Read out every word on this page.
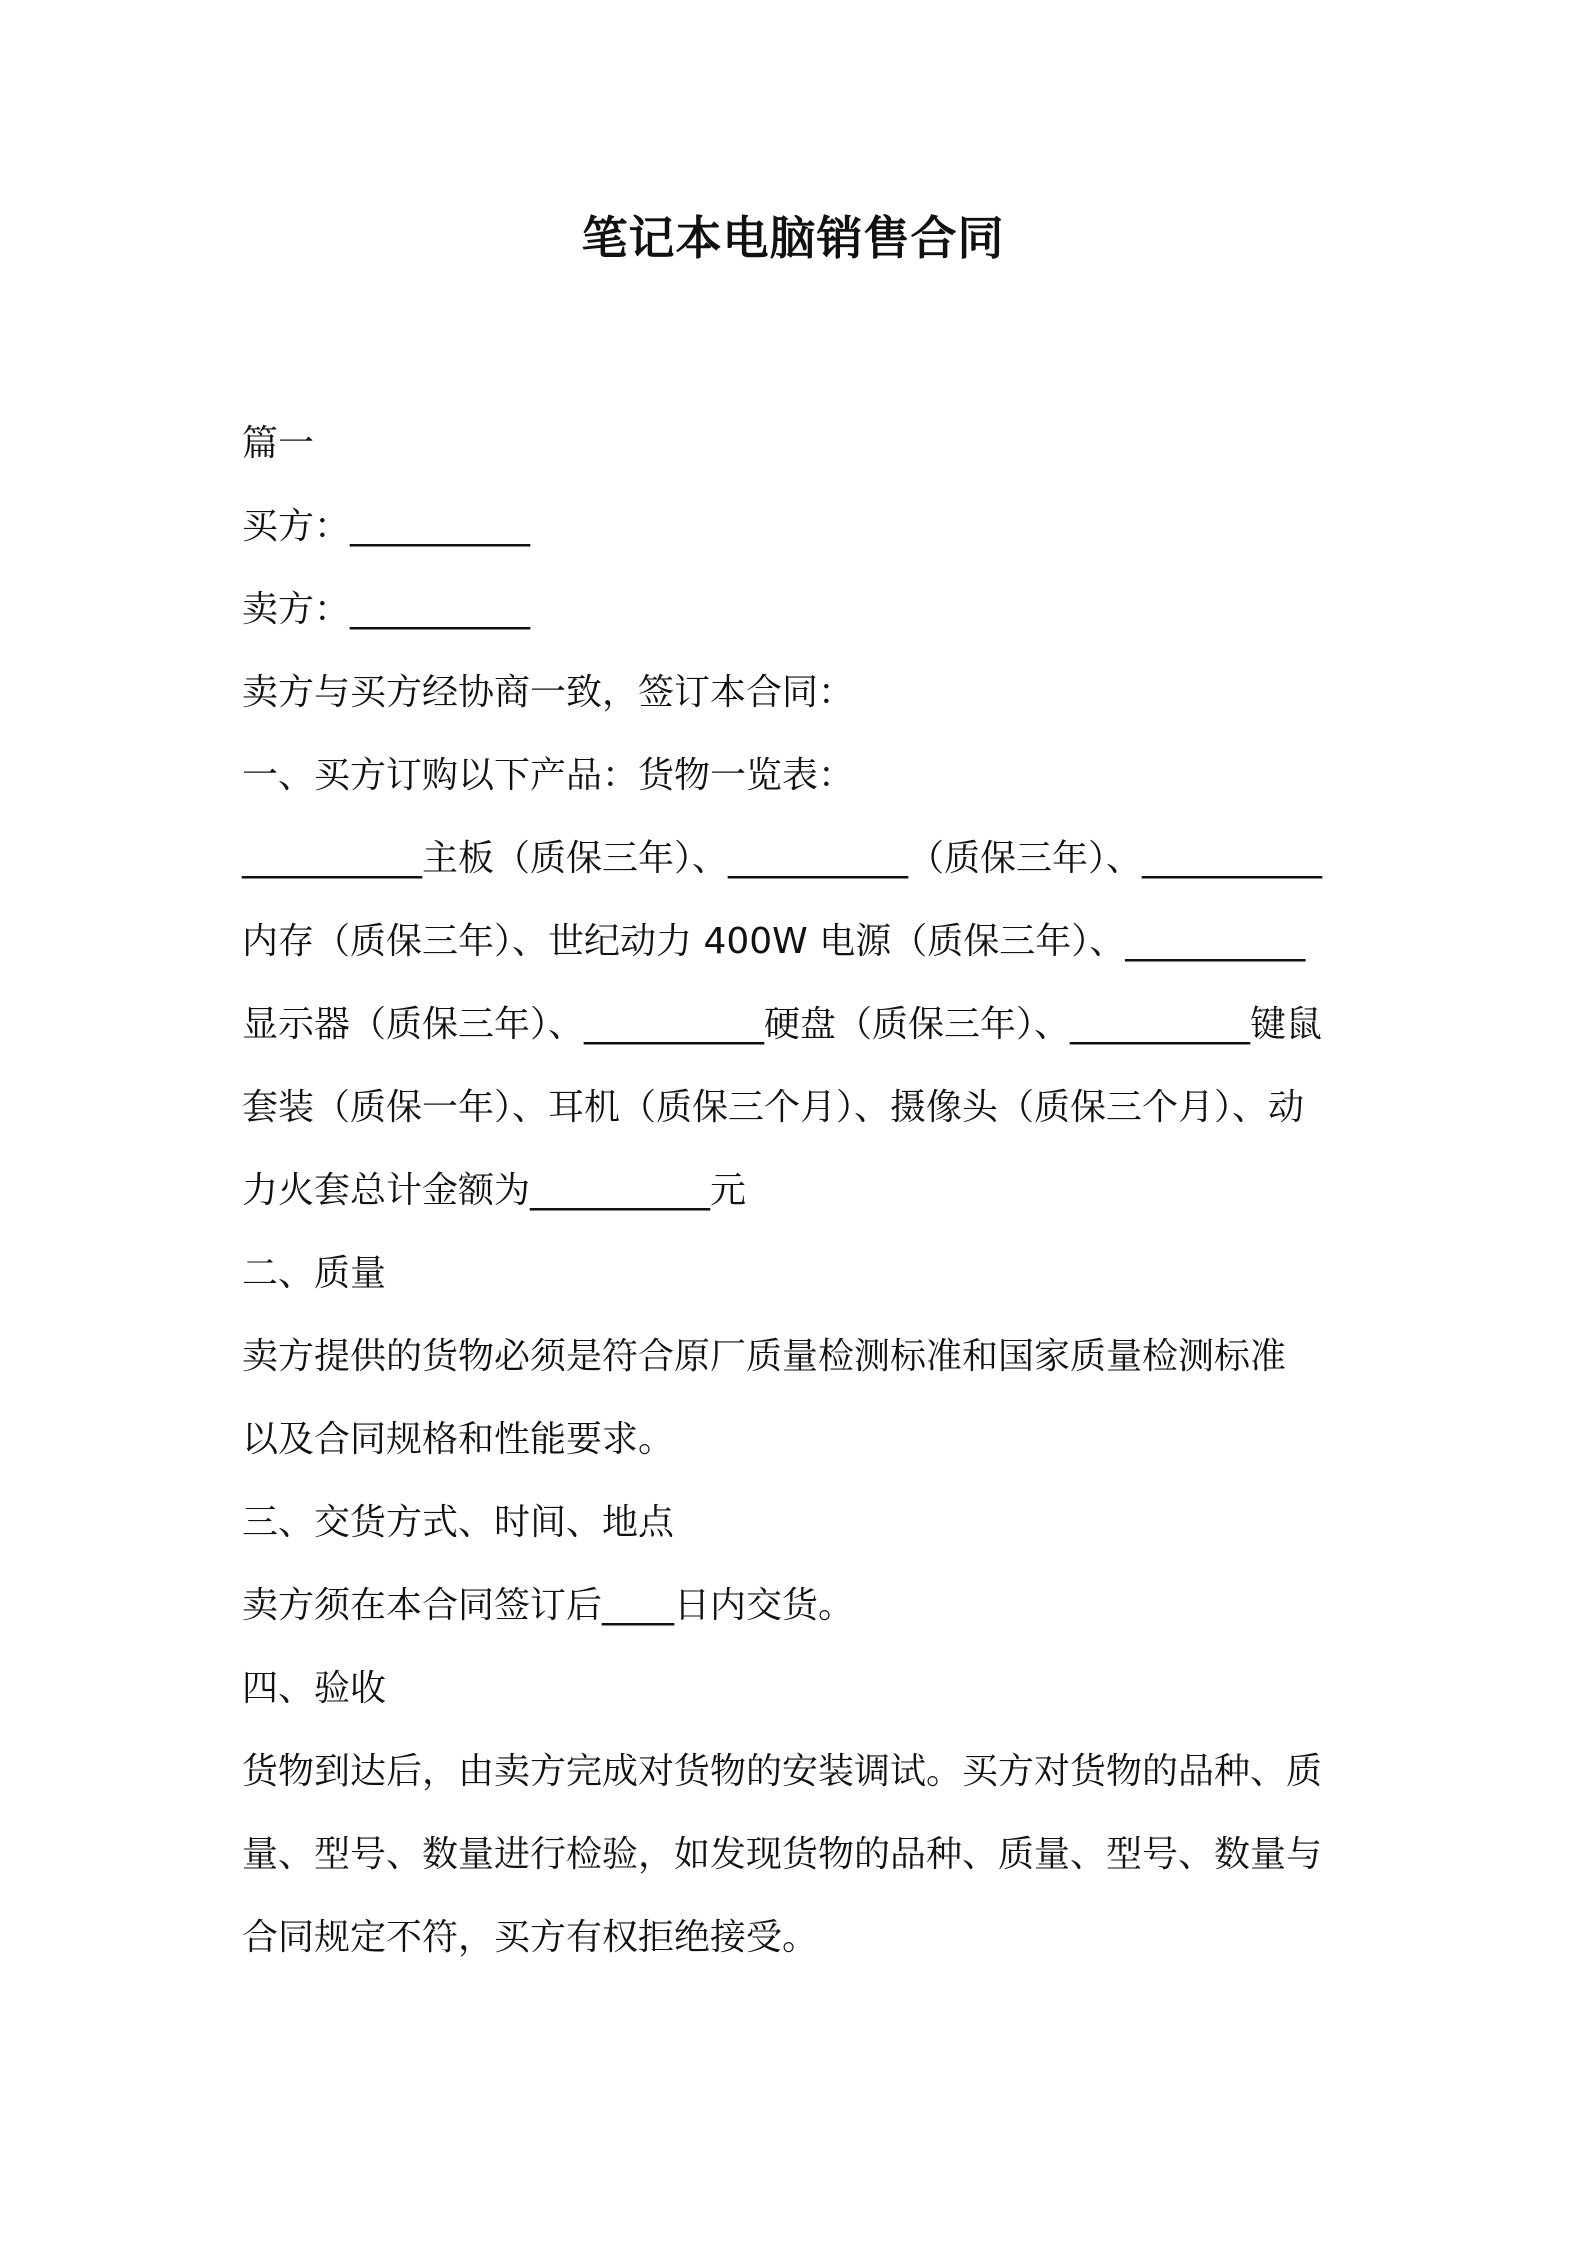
笔记本电脑销售合同
篇一
买方：__________
卖方：__________
卖方与买方经协商一致，签订本合同：
一、买方订购以下产品：货物一览表：
__________主板（质保三年）、__________（质保三年）、__________
内存（质保三年）、世纪动力 400W 电源（质保三年）、__________
显示器（质保三年）、__________硬盘（质保三年）、__________键鼠
套装（质保一年）、耳机（质保三个月）、摄像头（质保三个月）、动
力火套总计金额为__________元
二、质量
卖方提供的货物必须是符合原厂质量检测标准和国家质量检测标准
以及合同规格和性能要求。
三、交货方式、时间、地点
卖方须在本合同签订后____日内交货。
四、验收
货物到达后，由卖方完成对货物的安装调试。买方对货物的品种、质
量、型号、数量进行检验，如发现货物的品种、质量、型号、数量与
合同规定不符，买方有权拒绝接受。
